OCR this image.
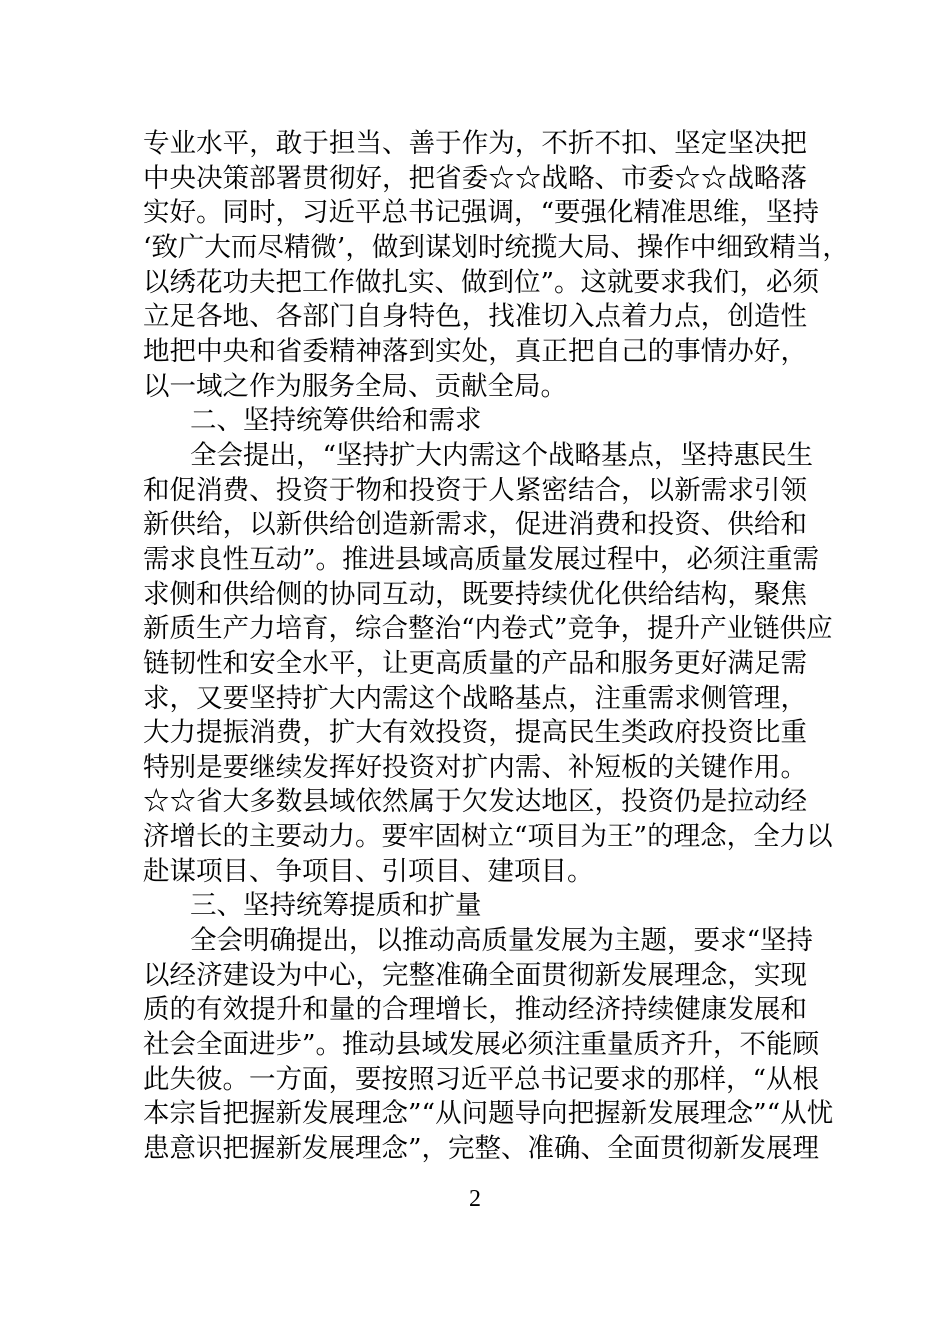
专业水平，敢于担当、善于作为，不折不扣、坚定坚决把
中央决策部署贯彻好，把省委☆☆战略、市委☆☆战略落
实好。同时，习近平总书记强调，“要强化精准思维，坚持
‘致广大而尽精微’，做到谋划时统揽大局、操作中细致精当，
以绣花功夫把工作做扎实、做到位”。这就要求我们，必须
立足各地、各部门自身特色，找准切入点着力点，创造性
地把中央和省委精神落到实处，真正把自己的事情办好，
以一域之作为服务全局、贡献全局。
二、坚持统筹供给和需求
全会提出，“坚持扩大内需这个战略基点，坚持惠民生
和促消费、投资于物和投资于人紧密结合，以新需求引领
新供给，以新供给创造新需求，促进消费和投资、供给和
需求良性互动”。推进县域高质量发展过程中，必须注重需
求侧和供给侧的协同互动，既要持续优化供给结构，聚焦
新质生产力培育，综合整治“内卷式”竞争，提升产业链供应
链韧性和安全水平，让更高质量的产品和服务更好满足需
求，又要坚持扩大内需这个战略基点，注重需求侧管理，
大力提振消费，扩大有效投资，提高民生类政府投资比重
特别是要继续发挥好投资对扩内需、补短板的关键作用。
☆☆省大多数县域依然属于欠发达地区，投资仍是拉动经
济增长的主要动力。要牢固树立“项目为王”的理念，全力以
赴谋项目、争项目、引项目、建项目。
三、坚持统筹提质和扩量
全会明确提出，以推动高质量发展为主题，要求“坚持
以经济建设为中心，完整准确全面贯彻新发展理念，实现
质的有效提升和量的合理增长，推动经济持续健康发展和
社会全面进步”。推动县域发展必须注重量质齐升，不能顾
此失彼。一方面，要按照习近平总书记要求的那样，“从根
本宗旨把握新发展理念”“从问题导向把握新发展理念”“从忧
患意识把握新发展理念”，完整、准确、全面贯彻新发展理
2
